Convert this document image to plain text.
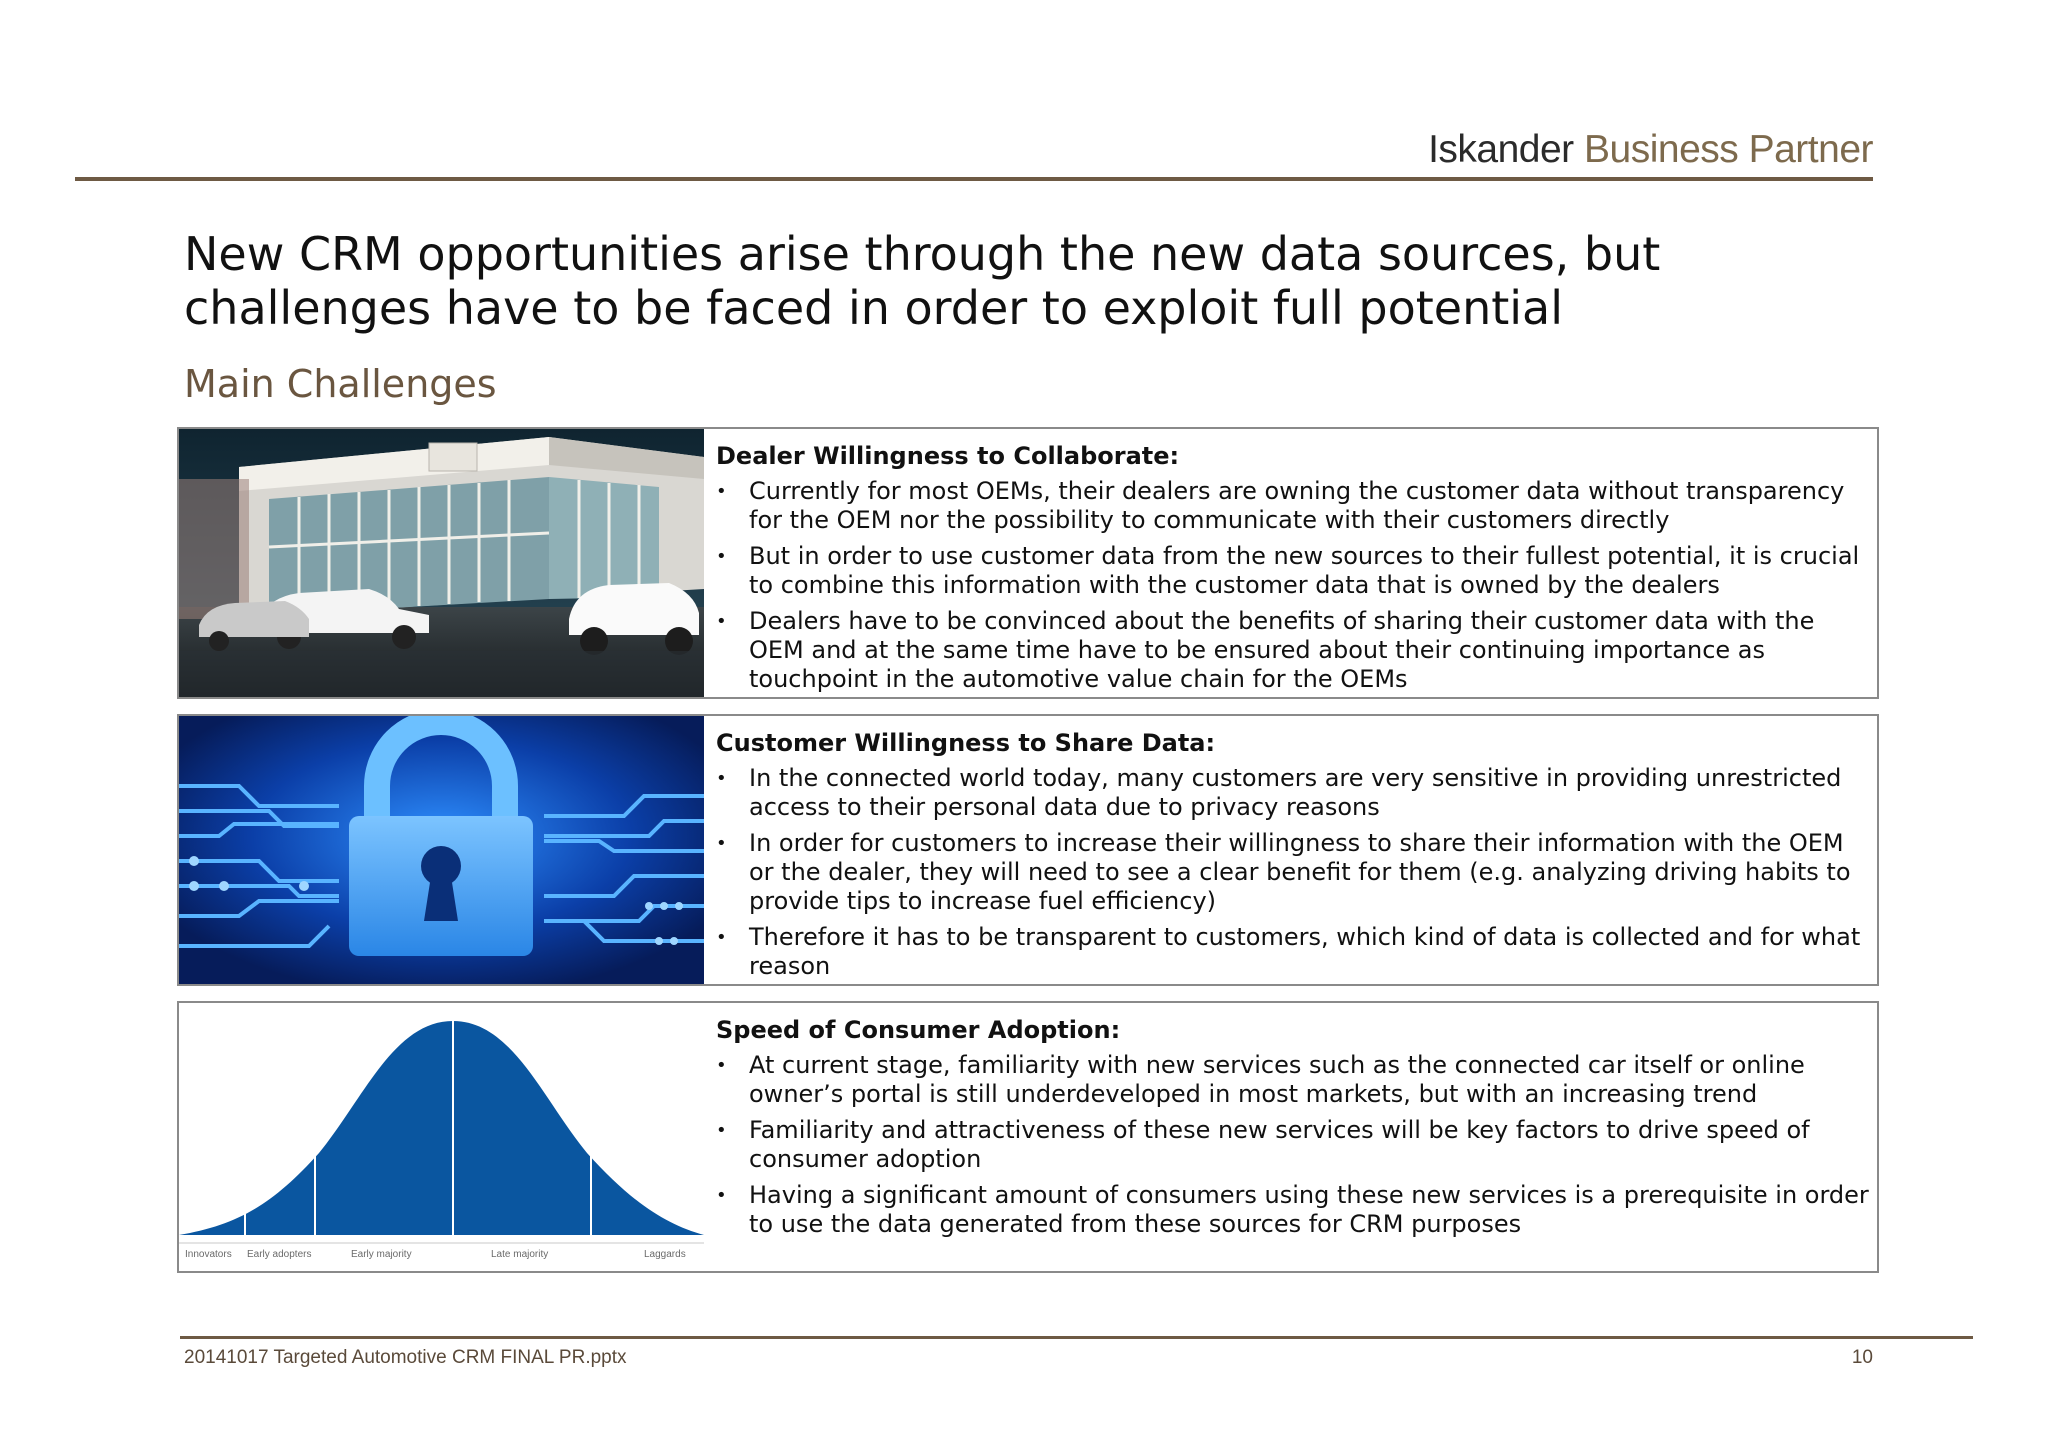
Iskander Business Partner
New CRM opportunities arise through the new data sources, but challenges have to be faced in order to exploit full potential
Main Challenges
Dealer Willingness to Collaborate:
• Currently for most OEMs, their dealers are owning the customer data without transparency for the OEM nor the possibility to communicate with their customers directly
• But in order to use customer data from the new sources to their fullest potential, it is crucial to combine this information with the customer data that is owned by the dealers
• Dealers have to be convinced about the benefits of sharing their customer data with the OEM and at the same time have to be ensured about their continuing importance as touchpoint in the automotive value chain for the OEMs
Customer Willingness to Share Data:
• In the connected world today, many customers are very sensitive in providing unrestricted access to their personal data due to privacy reasons
• In order for customers to increase their willingness to share their information with the OEM or the dealer, they will need to see a clear benefit for them (e.g. analyzing driving habits to provide tips to increase fuel efficiency)
• Therefore it has to be transparent to customers, which kind of data is collected and for what reason
Innovators Early adopters	Early majority	Late majority	Laggards
Speed of Consumer Adoption:
• At current stage, familiarity with new services such as the connected car itself or online owner’s portal is still underdeveloped in most markets, but with an increasing trend
• Familiarity and attractiveness of these new services will be key factors to drive speed of consumer adoption
• Having a significant amount of consumers using these new services is a prerequisite in order to use the data generated from these sources for CRM purposes
20141017 Targeted Automotive CRM FINAL PR.pptx	10
